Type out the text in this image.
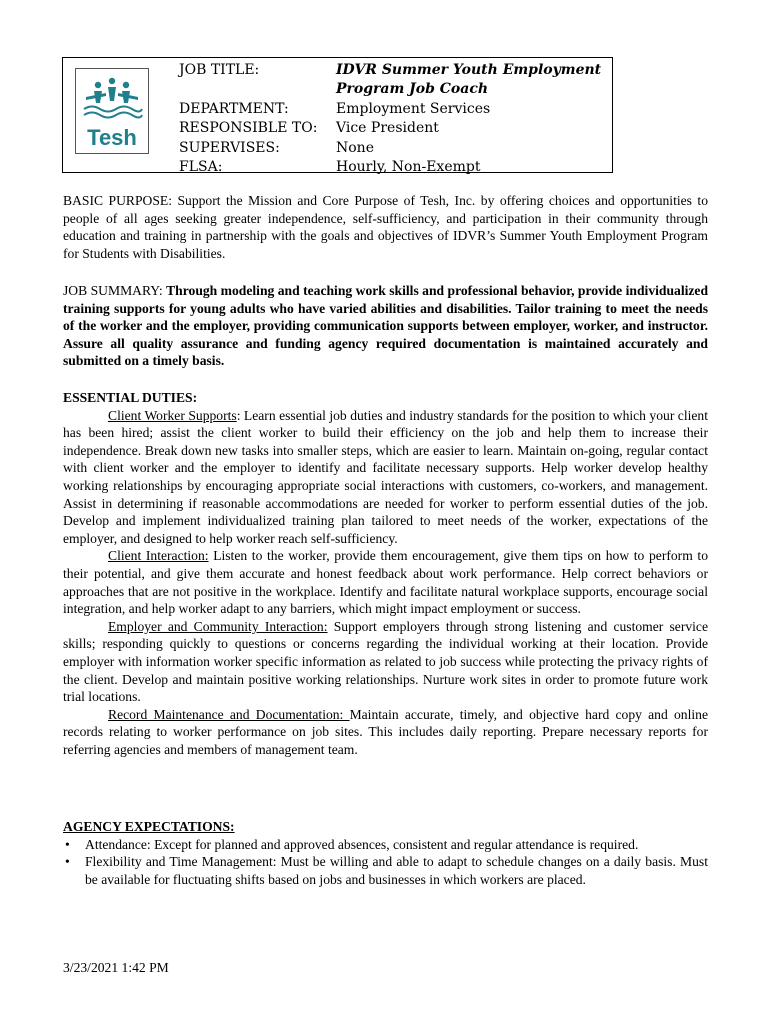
Tesh
JOB TITLE:

DEPARTMENT:
RESPONSIBLE TO:
SUPERVISES:
FLSA:
IDVR Summer Youth Employment
Program Job Coach
Employment Services
Vice President
None
Hourly, Non-Exempt

BASIC PURPOSE: Support the Mission and Core Purpose of Tesh, Inc. by offering choices and opportunities to people of all ages seeking greater independence, self-sufficiency, and participation in their community through education and training in partnership with the goals and objectives of IDVR’s Summer Youth Employment Program for Students with Disabilities.

JOB SUMMARY: Through modeling and teaching work skills and professional behavior, provide individualized training supports for young adults who have varied abilities and disabilities. Tailor training to meet the needs of the worker and the employer, providing communication supports between employer, worker, and instructor. Assure all quality assurance and funding agency required documentation is maintained accurately and submitted on a timely basis.

ESSENTIAL DUTIES:

Client Worker Supports: Learn essential job duties and industry standards for the position to which your client has been hired; assist the client worker to build their efficiency on the job and help them to increase their independence. Break down new tasks into smaller steps, which are easier to learn. Maintain on-going, regular contact with client worker and the employer to identify and facilitate necessary supports. Help worker develop healthy working relationships by encouraging appropriate social interactions with customers, co-workers, and management. Assist in determining if reasonable accommodations are needed for worker to perform essential duties of the job. Develop and implement individualized training plan tailored to meet needs of the worker, expectations of the employer, and designed to help worker reach self-sufficiency.

Client Interaction: Listen to the worker, provide them encouragement, give them tips on how to perform to their potential, and give them accurate and honest feedback about work performance. Help correct behaviors or approaches that are not positive in the workplace. Identify and facilitate natural workplace supports, encourage social integration, and help worker adapt to any barriers, which might impact employment or success.

Employer and Community Interaction: Support employers through strong listening and customer service skills; responding quickly to questions or concerns regarding the individual working at their location. Provide employer with information worker specific information as related to job success while protecting the privacy rights of the client. Develop and maintain positive working relationships. Nurture work sites in order to promote future work trial locations.

Record Maintenance and Documentation: Maintain accurate, timely, and objective hard copy and online records relating to worker performance on job sites. This includes daily reporting. Prepare necessary reports for referring agencies and members of management team.

AGENCY EXPECTATIONS:

• Attendance: Except for planned and approved absences, consistent and regular attendance is required.
• Flexibility and Time Management: Must be willing and able to adapt to schedule changes on a daily basis. Must be available for fluctuating shifts based on jobs and businesses in which workers are placed.
3/23/2021 1:42 PM
